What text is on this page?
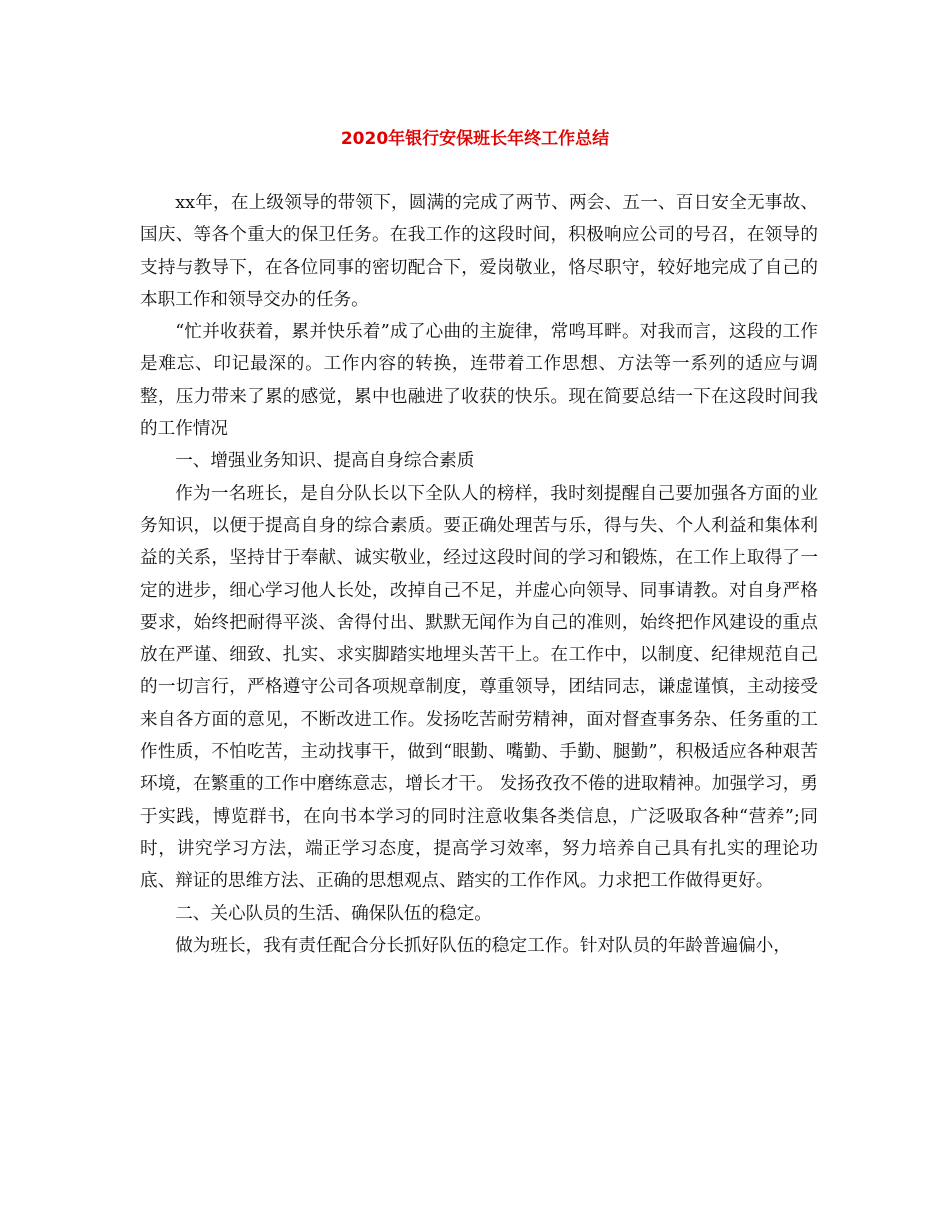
2020年银行安保班长年终工作总结

xx年，在上级领导的带领下，圆满的完成了两节、两会、五一、百日安全无事故、国庆、等各个重大的保卫任务。在我工作的这段时间，积极响应公司的号召，在领导的支持与教导下，在各位同事的密切配合下，爱岗敬业，恪尽职守，较好地完成了自己的本职工作和领导交办的任务。

“忙并收获着，累并快乐着”成了心曲的主旋律，常鸣耳畔。对我而言，这段的工作是难忘、印记最深的。工作内容的转换，连带着工作思想、方法等一系列的适应与调整，压力带来了累的感觉，累中也融进了收获的快乐。现在简要总结一下在这段时间我的工作情况

一、增强业务知识、提高自身综合素质

作为一名班长，是自分队长以下全队人的榜样，我时刻提醒自己要加强各方面的业务知识，以便于提高自身的综合素质。要正确处理苦与乐，得与失、个人利益和集体利益的关系，坚持甘于奉献、诚实敬业，经过这段时间的学习和锻炼，在工作上取得了一定的进步，细心学习他人长处，改掉自己不足，并虚心向领导、同事请教。对自身严格要求，始终把耐得平淡、舍得付出、默默无闻作为自己的准则，始终把作风建设的重点放在严谨、细致、扎实、求实脚踏实地埋头苦干上。在工作中，以制度、纪律规范自己的一切言行，严格遵守公司各项规章制度，尊重领导，团结同志，谦虚谨慎，主动接受来自各方面的意见，不断改进工作。发扬吃苦耐劳精神，面对督查事务杂、任务重的工作性质，不怕吃苦，主动找事干，做到“眼勤、嘴勤、手勤、腿勤”，积极适应各种艰苦环境，在繁重的工作中磨练意志，增长才干。 发扬孜孜不倦的进取精神。加强学习，勇于实践，博览群书，在向书本学习的同时注意收集各类信息，广泛吸取各种“营养”;同时，讲究学习方法，端正学习态度，提高学习效率，努力培养自己具有扎实的理论功底、辩证的思维方法、正确的思想观点、踏实的工作作风。力求把工作做得更好。

二、关心队员的生活、确保队伍的稳定。

做为班长，我有责任配合分长抓好队伍的稳定工作。针对队员的年龄普遍偏小，
